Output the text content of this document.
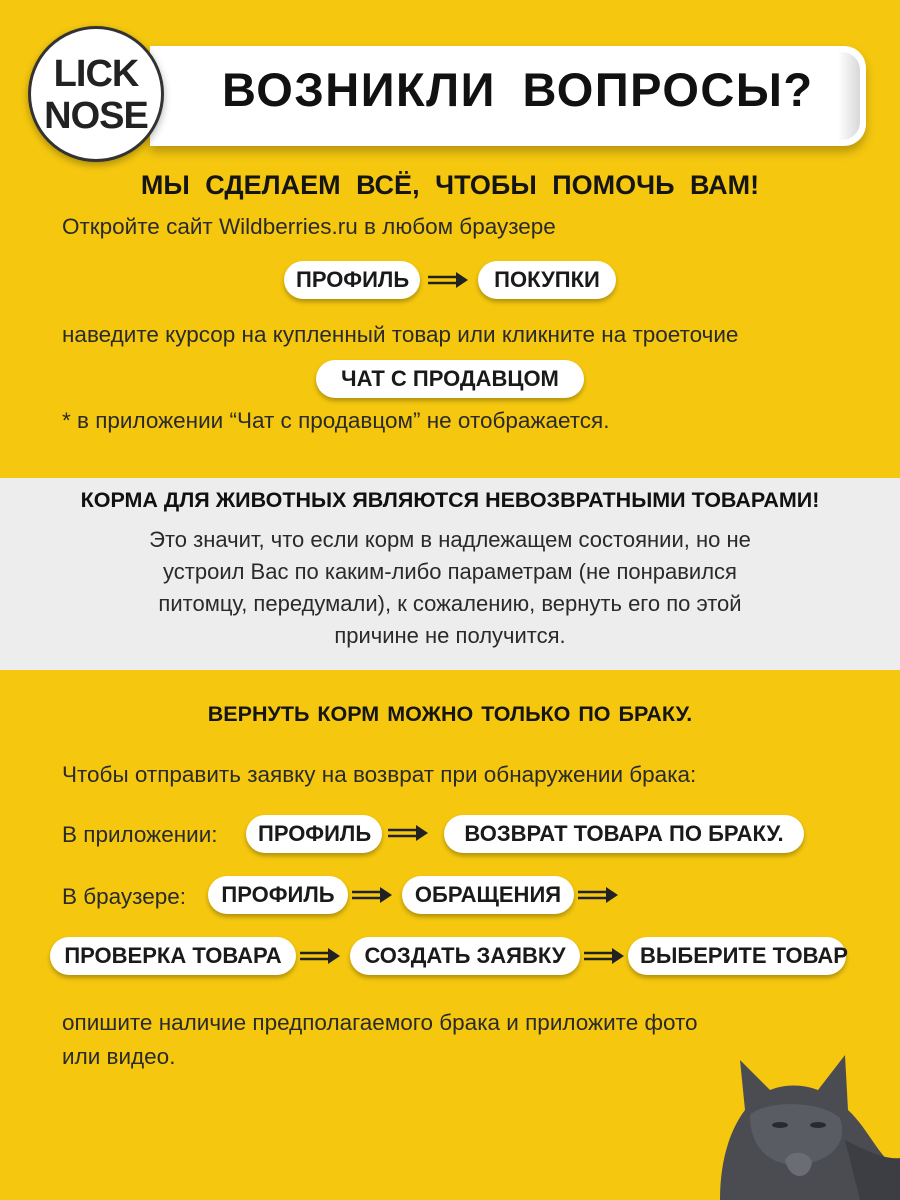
ВОЗНИКЛИ ВОПРОСЫ?
LICK
NOSE
МЫ СДЕЛАЕМ ВСЁ, ЧТОБЫ ПОМОЧЬ ВАМ!
Откройте сайт Wildberries.ru в любом браузере
ПРОФИЛЬ	ПОКУПКИ
наведите курсор на купленный товар или кликните на троеточие
ЧАТ С ПРОДАВЦОМ
* в приложении “Чат с продавцом” не отображается.
КОРМА ДЛЯ ЖИВОТНЫХ ЯВЛЯЮТСЯ НЕВОЗВРАТНЫМИ ТОВАРАМИ!
Это значит, что если корм в надлежащем состоянии, но не
устроил Вас по каким-либо параметрам (не понравился
питомцу, передумали), к сожалению, вернуть его по этой
причине не получится.
ВЕРНУТЬ КОРМ МОЖНО ТОЛЬКО ПО БРАКУ.
Чтобы отправить заявку на возврат при обнаружении брака:
В приложении:	ПРОФИЛЬ	ВОЗВРАТ ТОВАРА ПО БРАКУ.
В браузере:	ПРОФИЛЬ	ОБРАЩЕНИЯ
ПРОВЕРКА ТОВАРА	СОЗДАТЬ ЗАЯВКУ	ВЫБЕРИТЕ ТОВАР
опишите наличие предполагаемого брака и приложите фото
или видео.
